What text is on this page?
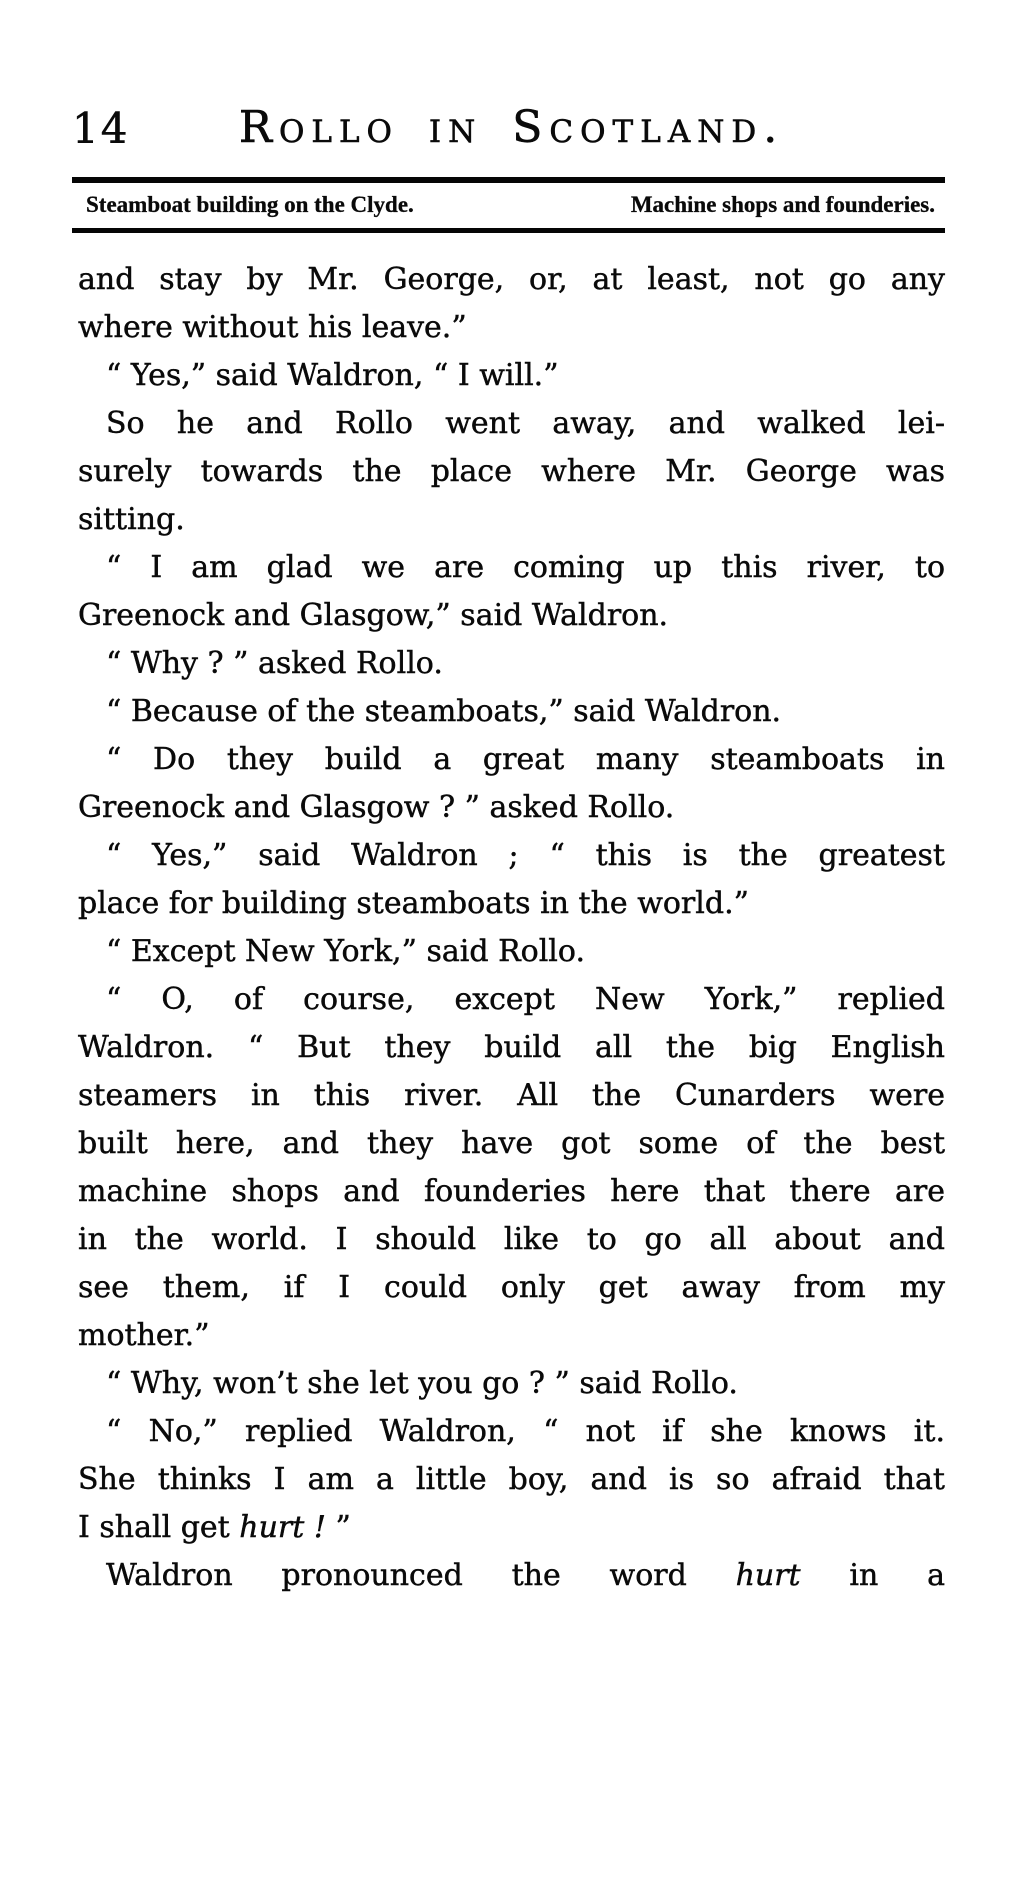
14 Rollo in Scotland.
Steamboat building on the Clyde.	Machine shops and founderies.
and stay by Mr. George, or, at least, not go any
where without his leave.”
“ Yes,” said Waldron, “ I will.”
So he and Rollo went away, and walked lei-
surely towards the place where Mr. George was
sitting.
“ I am glad we are coming up this river, to
Greenock and Glasgow,” said Waldron.
“ Why ? ” asked Rollo.
“ Because of the steamboats,” said Waldron.
“ Do they build a great many steamboats in
Greenock and Glasgow ? ” asked Rollo.
“ Yes,” said Waldron ; “ this is the greatest
place for building steamboats in the world.”
“ Except New York,” said Rollo.
“ O, of course, except New York,” replied
Waldron. “ But they build all the big English
steamers in this river. All the Cunarders were
built here, and they have got some of the best
machine shops and founderies here that there are
in the world. I should like to go all about and
see them, if I could only get away from my
mother.”
“ Why, won’t she let you go ? ” said Rollo.
“ No,” replied Waldron, “ not if she knows it.
She thinks I am a little boy, and is so afraid that
I shall get hurt ! ”
Waldron pronounced the word hurt in a
